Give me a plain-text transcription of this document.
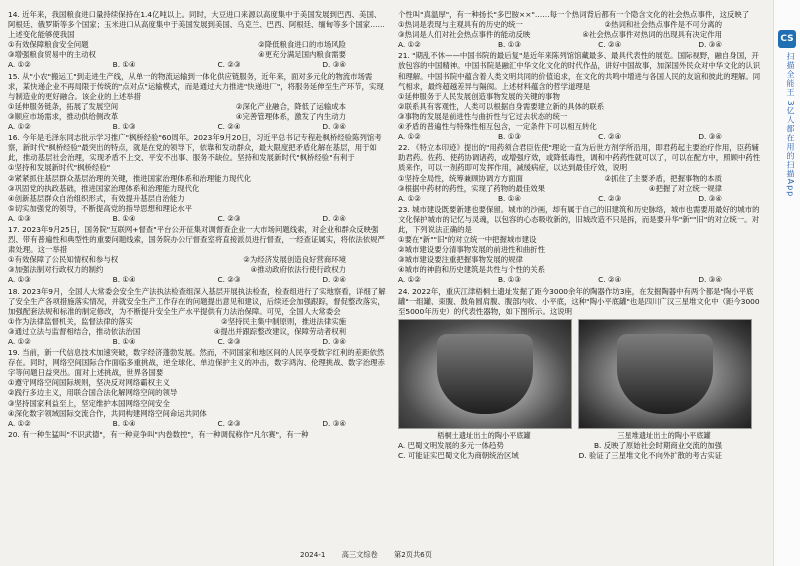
14. 近年来，我国粮食进口量持续保持在1.4亿吨以上。同时，大豆进口来源以高度集中于美国发展到巴西、美国、阿根廷、俄罗斯等多个国家；玉米进口从高度集中于美国发展到美国、乌克兰、巴西、阿根廷、缅甸等多个国家……上述变化能够使我国

①有效保障粮食安全问题	②降低粮食进口的市场风险
③增强粮食贸易中的主动权	④更充分满足国内粮食需要
A. ①②	B. ①④	C. ②③	D. ③④

15. 从"小农"搬运工"到走进生产线，从单一的物流运输到一体化供应链服务，近年来，面对多元化的物流市场需求，某快递企业不再局限于传统的"点对点"运输模式，而是通过大力推进"快递进厂"，将服务延伸至生产环节，实现与制造业的更好融合。该企业的上述举措

①延伸服务链条，拓展了发展空间	②深化产业融合，降低了运输成本
③顺应市场需求，推动供给侧改革	④完善管理体系，激发了内生动力
A. ①②	B. ①③	C. ②④	D. ③④

16. 今年是毛泽东同志批示学习推广"枫桥经验"60周年。2023年9月20日，习近平总书记专程赴枫桥经验陈列馆考察，新时代"枫桥经验"最突出的特点，就是在党的领导下，依靠和发动群众，最大限度把矛盾化解在基层，用于如此，推动基层社会治理，实现矛盾不上交、平安不出事、服务不缺位。坚持和发展新时代"枫桥经验"有利于

①坚持和发展新时代"枫桥经验"

②紧紧抓住基层群众基层治理的关键，推进国家治理体系和治理能力现代化

③巩固党的执政基础，推进国家治理体系和治理能力现代化

④创新基层群众自治组织形式，有效提升基层自治能力

⑤切实加强党的领导，不断提高党的指导思想和理论水平

A. ①③	B. ①④	C. ②③	D. ②④

17. 2023年9月25日，国务院"互联网+督查"平台公开征集对调督查企业一大市场问题线索，对企业和群众反映强烈、带有普遍性和典型性的重要问题线索，国务院办公厅督查室将直接派员进行督查，一经查证属实，将依法依规严肃处理。这一举措

①有效保障了公民知情权和参与权	②为经济发展创造良好营商环境
③加强法制对行政权力的制约	④推动政府依法行使行政权力
A. ①③	B. ①④	C. ②③	D. ②④

18. 2023年9月，全国人大常委会安全生产法执法检查组深入基层开展执法检查，检查组进行了实地察看，详细了解了安全生产各项措施落实情况，并就安全生产工作存在的问题提出意见和建议，后续还会加强跟踪，督促整改落实，加强配套法规和标准的制定修改，为不断提升安全生产水平提供有力法治保障。可见，全国人大常委会

①作为法律监督机关，监督法律的落实	②坚持民主集中制原则，推进法律实施
③通过立法与监督相结合，推动依法治国	④提出并跟踪整改建议，保障劳动者权利
A. ①②	B. ①④	C. ②③	D. ③④

19. 当前，新一代信息技术加速突破，数字经济蓬勃发展。然而，不同国家和地区间的人民享受数字红利的差距依然存在。同时，网络空间国际合作面临多重挑战，逆全球化、单边保护主义的冲击，数字鸿沟、伦理挑战、数字治理赤字等问题日益突出。面对上述挑战，世界各国要

①遵守网络空间国际规则，坚决反对网络霸权主义

②践行多边主义，用联合国合法化解网络空间的领导

③坚持国家利益至上，坚定维护本国网络空间安全

④深化数字领域国际交流合作，共同构建网络空间命运共同体

A. ①②	B. ①④	C. ②③	D. ③④

20. 有一种生猛叫"不识武德"，有一种竞争叫"内卷数控"，有一种调侃称作"凡尔赛"，有一种

个性叫"真温厚"，有一种扬长"多巴胺××"……每一个热词背后都有一个隐含文化的社会热点事件，这反映了

①热词是表现与主观具有的历史的统一	②热词和社会热点事件是不可分离的
③热词是人们对社会热点事件的能动反映	④社会热点事件对热词的出现具有决定作用
A. ①②	B. ①③	C. ②④	D. ③④

21. "期乱不休——中国书院的最后复"是近年来陈列馆馆藏最多、最具代表性的展览。国际视野，融自身国，开放包容的中国精神。中国书院是融汇中华文化文化的时代作品，讲好中国故事，加深国外民众对中华文化的认识和理解。中国书院中蕴含着人类文明共同的价值追求，在文化的共鸣中增进与各国人民的友谊和彼此的理解。同气相求，最终超越差异与隔阂。上述材料蕴含的哲学道理是

①延伸服务于人民发展创造事物发展的关键的事物

②联系具有客观性，人类可以根据自身需要建立新的具体的联系

③事物的发展是前进性与曲折性与它过去状态的统一

④矛盾的普遍性与特殊性相互包含，一定条件下可以相互转化

A. ①②	B. ①③	C. ②④	D. ③④

22. 《特立本印迹》提出的"用药须合君臣佐使"理论一直为后世方剂学所沿用，即君药起主要治疗作用，臣药辅助君药。佐药、使药协调诸药，或增强疗效，或降低毒性，调和中药药性就可以了，可以在配方中，照顾中药性质来作，可以一剂药即可发挥作用，减缓病症，以达到最佳疗效，说明

①坚持全局性，统筹兼顾协调方方面面	②抓住了主要矛盾，把握事物的本质
③根据中药材的药性，实现了药物的最佳效果	④把握了对立统一规律
A. ①②	B. ①④	C. ②③	D. ③④

23. 城市建设既要新建也要保留。城市的沙画，却有属于自己的旧建筑和历史脉络，城市也需要用最好的城市的文化保护城市的记忆与灵魂，以包容的心态吸收新的，旧城改造不只是拆，而是要升华"新""旧"的对立统一。对此，下列说法正确的是

①要在"新""旧"的对立统一中把握城市建设

②城市建设要分清事物发展的前进性和曲折性

③城市建设要注重把握事物发展的规律

④城市的神韵和历史建筑是共性与个性的关系

A. ①②	B. ①③	C. ②④	D. ③④

24. 2022年，重庆江津梧桐土遗址发掘了距今3000余年的陶器作坊3座，在发掘陶器中有两个都是"陶小平底罐"一组罐、束腹、鼓角圆肩腹、腹部内收、小平底，这种"陶小平底罐"也是四川广汉三星堆文化中（距今3000至5000年历史）的代表性器物，如下图所示。这说明

梧桐土遗址出土的陶小平底罐	三星堆遗址出土的陶小平底罐
A. 巴蜀文明发展的多元一体趋势	B. 反映了原始社会时期商业交流的加强
C. 可能证实巴蜀文化为商朝统治区域	D. 验证了三星堆文化不向外扩散的考古实证
2024-1 高三文综卷 第2页共6页
CS
扫描全能王 3亿人都在用的扫描App
